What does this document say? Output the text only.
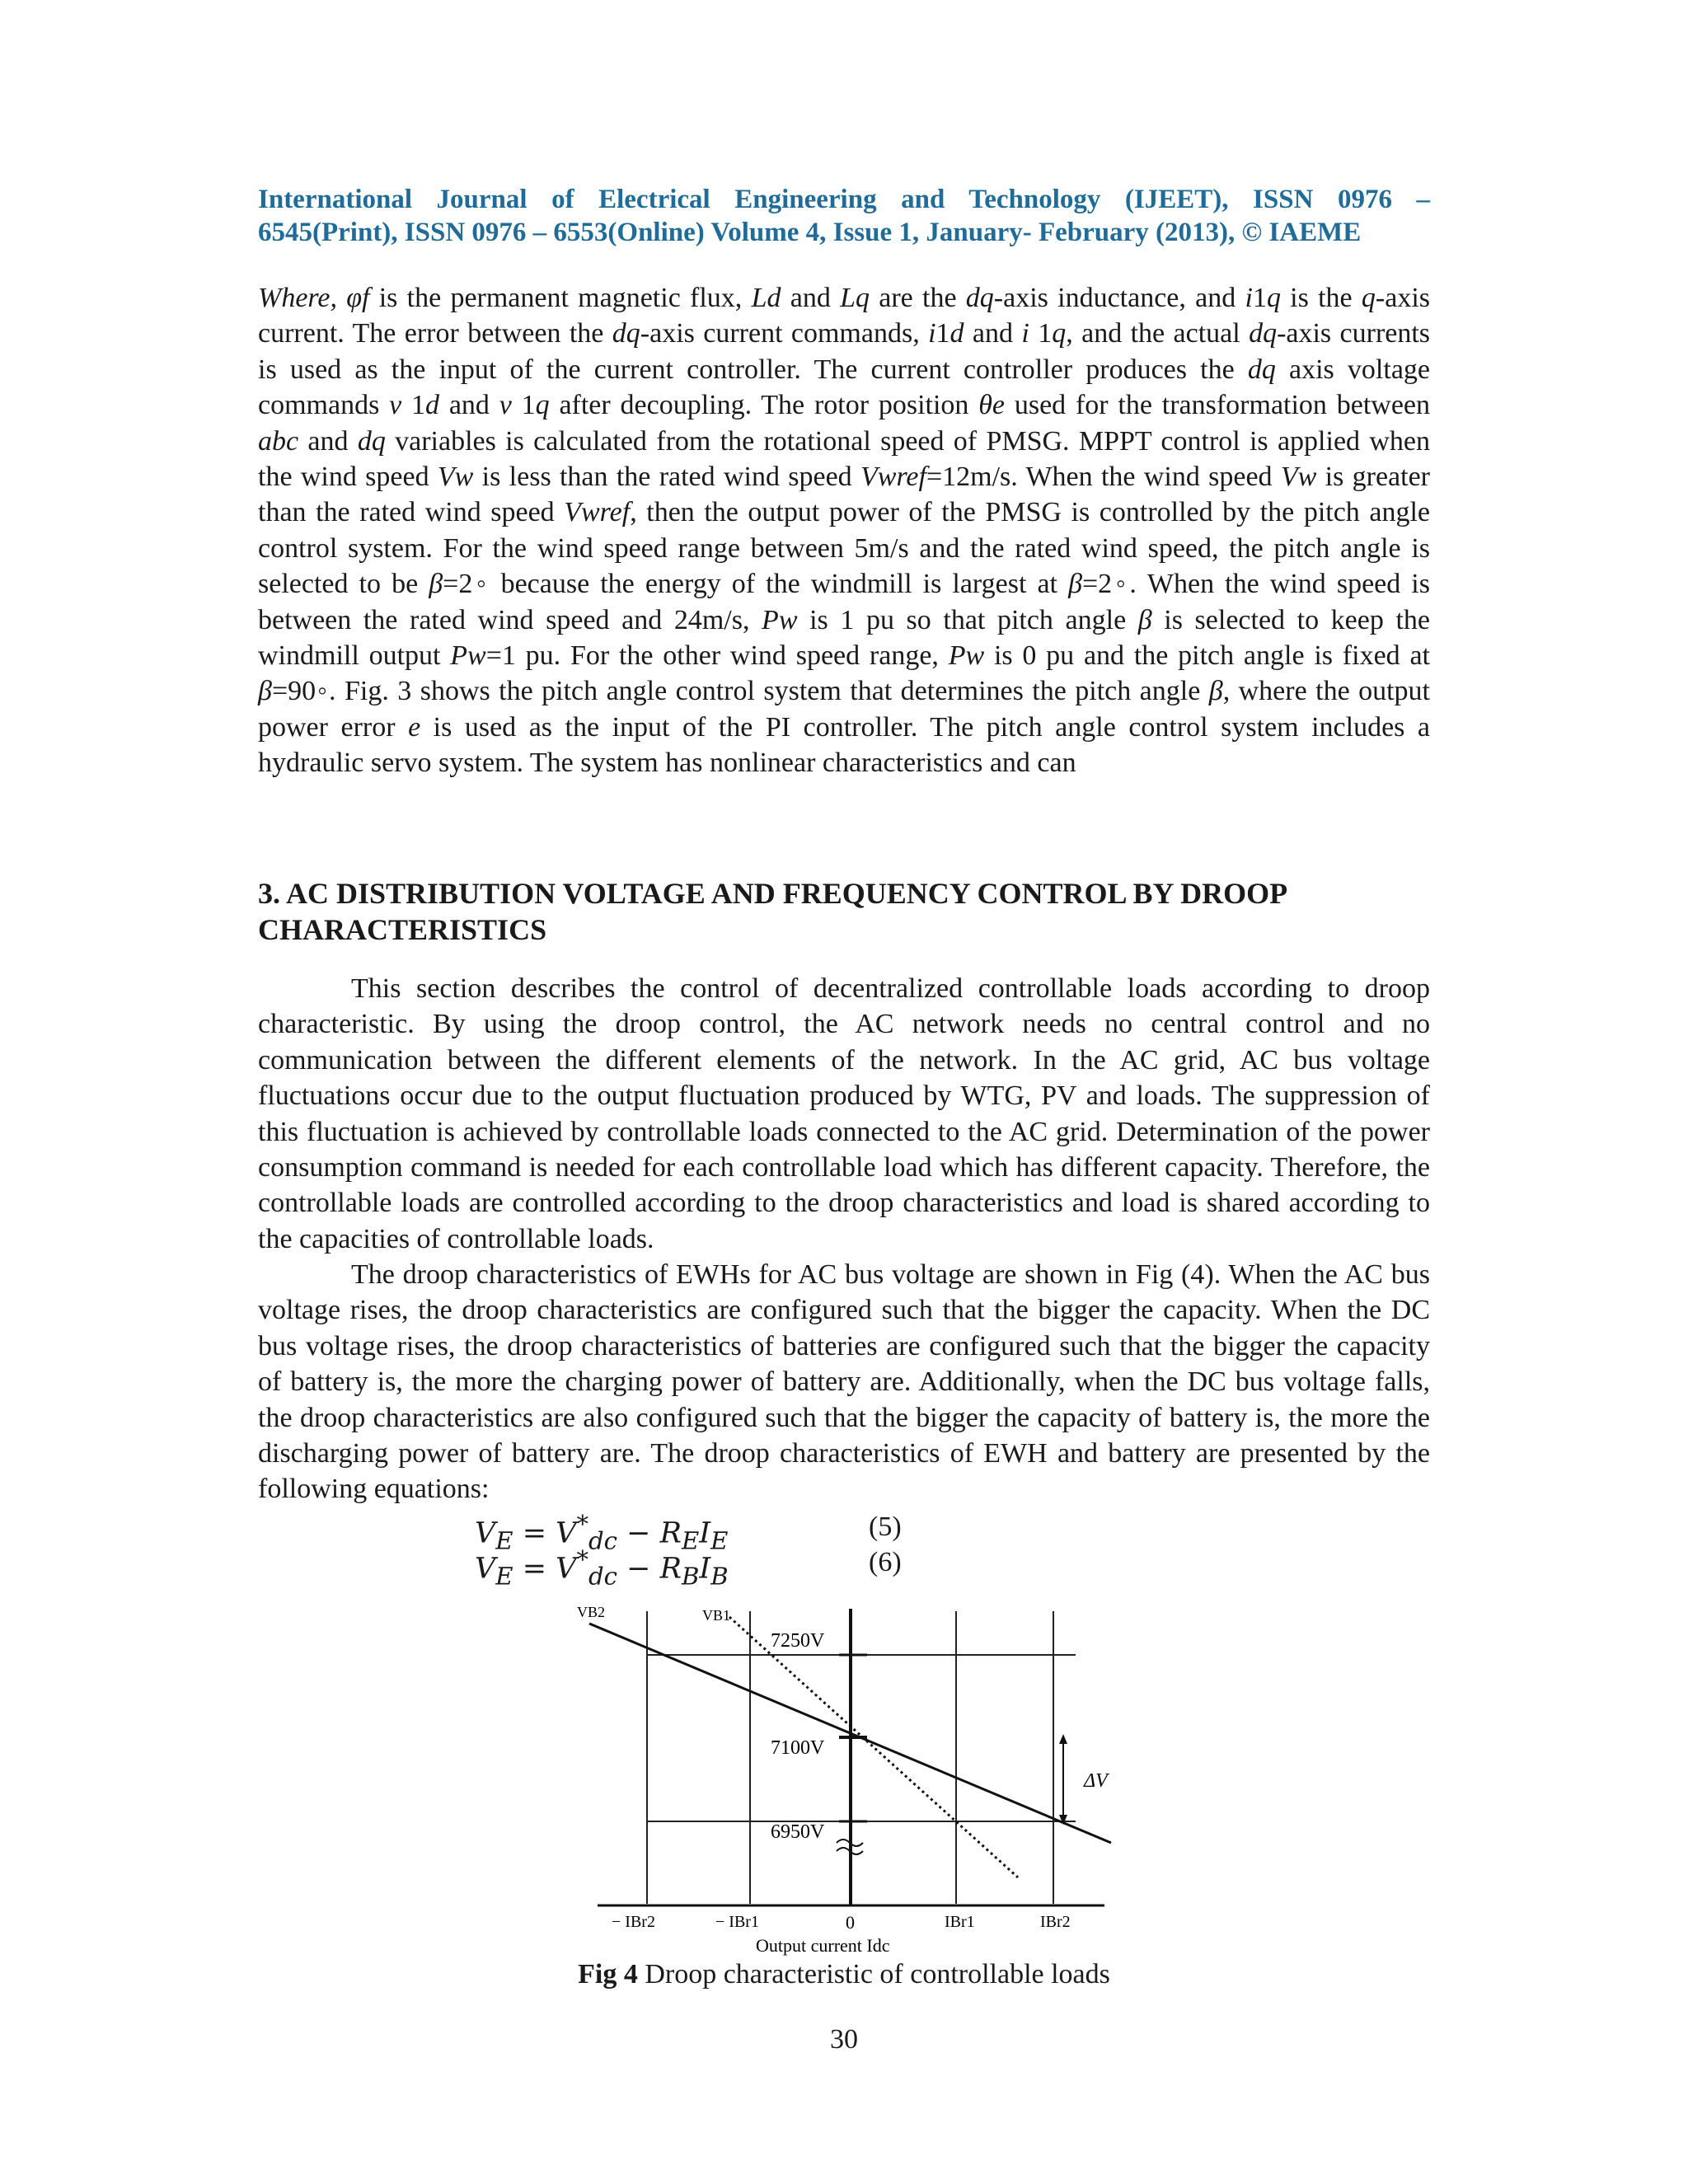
International Journal of Electrical Engineering and Technology (IJEET), ISSN 0976 –
6545(Print), ISSN 0976 – 6553(Online) Volume 4, Issue 1, January- February (2013), © IAEME
Where, φf is the permanent magnetic flux, Ld and Lq are the dq-axis inductance, and i1q is the q-axis current. The error between the dq-axis current commands, i1d and i 1q, and the actual dq-axis currents is used as the input of the current controller. The current controller produces the dq axis voltage commands v 1d and v 1q after decoupling. The rotor position θe used for the transformation between abc and dq variables is calculated from the rotational speed of PMSG. MPPT control is applied when the wind speed Vw is less than the rated wind speed Vwref=12m/s. When the wind speed Vw is greater than the rated wind speed Vwref, then the output power of the PMSG is controlled by the pitch angle control system. For the wind speed range between 5m/s and the rated wind speed, the pitch angle is selected to be β=2◦ because the energy of the windmill is largest at β=2◦. When the wind speed is between the rated wind speed and 24m/s, Pw is 1 pu so that pitch angle β is selected to keep the windmill output Pw=1 pu. For the other wind speed range, Pw is 0 pu and the pitch angle is fixed at β=90◦. Fig. 3 shows the pitch angle control system that determines the pitch angle β, where the output power error e is used as the input of the PI controller. The pitch angle control system includes a hydraulic servo system. The system has nonlinear characteristics and can
3. AC DISTRIBUTION VOLTAGE AND FREQUENCY CONTROL BY DROOP CHARACTERISTICS
This section describes the control of decentralized controllable loads according to droop characteristic. By using the droop control, the AC network needs no central control and no communication between the different elements of the network. In the AC grid, AC bus voltage fluctuations occur due to the output fluctuation produced by WTG, PV and loads. The suppression of this fluctuation is achieved by controllable loads connected to the AC grid. Determination of the power consumption command is needed for each controllable load which has different capacity. Therefore, the controllable loads are controlled according to the droop characteristics and load is shared according to the capacities of controllable loads.
The droop characteristics of EWHs for AC bus voltage are shown in Fig (4). When the AC bus voltage rises, the droop characteristics are configured such that the bigger the capacity. When the DC bus voltage rises, the droop characteristics of batteries are configured such that the bigger the capacity of battery is, the more the charging power of battery are. Additionally, when the DC bus voltage falls, the droop characteristics are also configured such that the bigger the capacity of battery is, the more the discharging power of battery are. The droop characteristics of EWH and battery are presented by the following equations:
$V_E = V^*_{dc} - R_EI_E$	(5)
$V_E = V^*_{dc} - R_BI_B$	(6)
VB2	VB1
7250V
7100V
6950V
ΔV
− IBr2	− IBr1	0	IBr1	IBr2
Output current Idc
Fig 4 Droop characteristic of controllable loads
30
